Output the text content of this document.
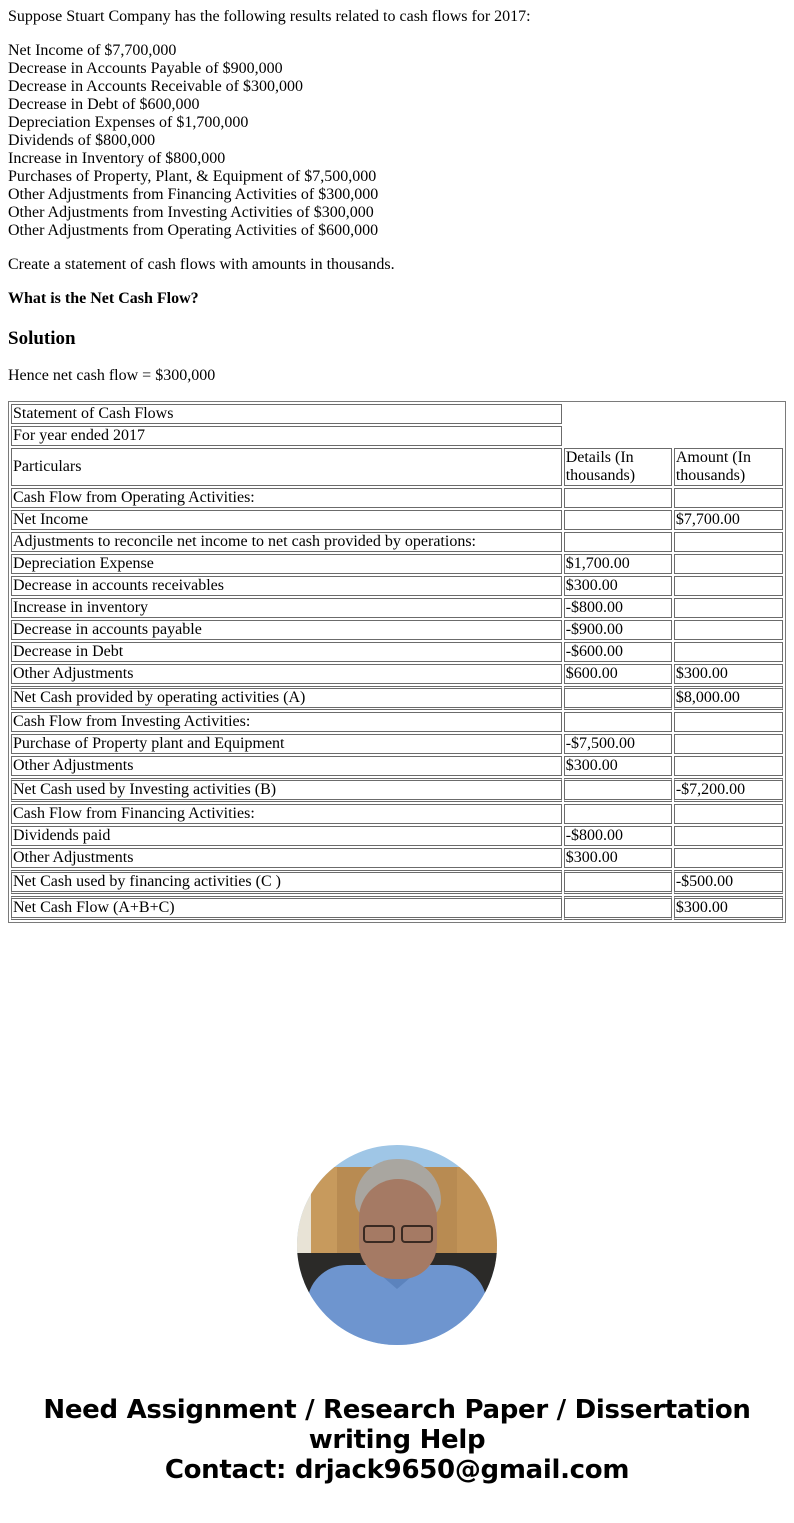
Suppose Stuart Company has the following results related to cash flows for 2017:

Net Income of $7,700,000
Decrease in Accounts Payable of $900,000
Decrease in Accounts Receivable of $300,000
Decrease in Debt of $600,000
Depreciation Expenses of $1,700,000
Dividends of $800,000
Increase in Inventory of $800,000
Purchases of Property, Plant, & Equipment of $7,500,000
Other Adjustments from Financing Activities of $300,000
Other Adjustments from Investing Activities of $300,000
Other Adjustments from Operating Activities of $600,000

Create a statement of cash flows with amounts in thousands.

What is the Net Cash Flow?

Solution

Hence net cash flow = $300,000

Statement of Cash Flows		
For year ended 2017		
Particulars	Details (In thousands)	Amount (In thousands)
Cash Flow from Operating Activities:		
Net Income		$7,700.00
Adjustments to reconcile net income to net cash provided by operations:		
Depreciation Expense	$1,700.00	
Decrease in accounts receivables	$300.00	
Increase in inventory	-$800.00	
Decrease in accounts payable	-$900.00	
Decrease in Debt	-$600.00	
Other Adjustments	$600.00	$300.00
Net Cash provided by operating activities (A)		$8,000.00
Cash Flow from Investing Activities:		
Purchase of Property plant and Equipment	-$7,500.00	
Other Adjustments	$300.00	
Net Cash used by Investing activities (B)		-$7,200.00
Cash Flow from Financing Activities:		
Dividends paid	-$800.00	
Other Adjustments	$300.00	
Net Cash used by financing activities (C )		-$500.00
Net Cash Flow (A+B+C)		$300.00
Need Assignment / Research Paper / Dissertation
writing Help
Contact: drjack9650@gmail.com
